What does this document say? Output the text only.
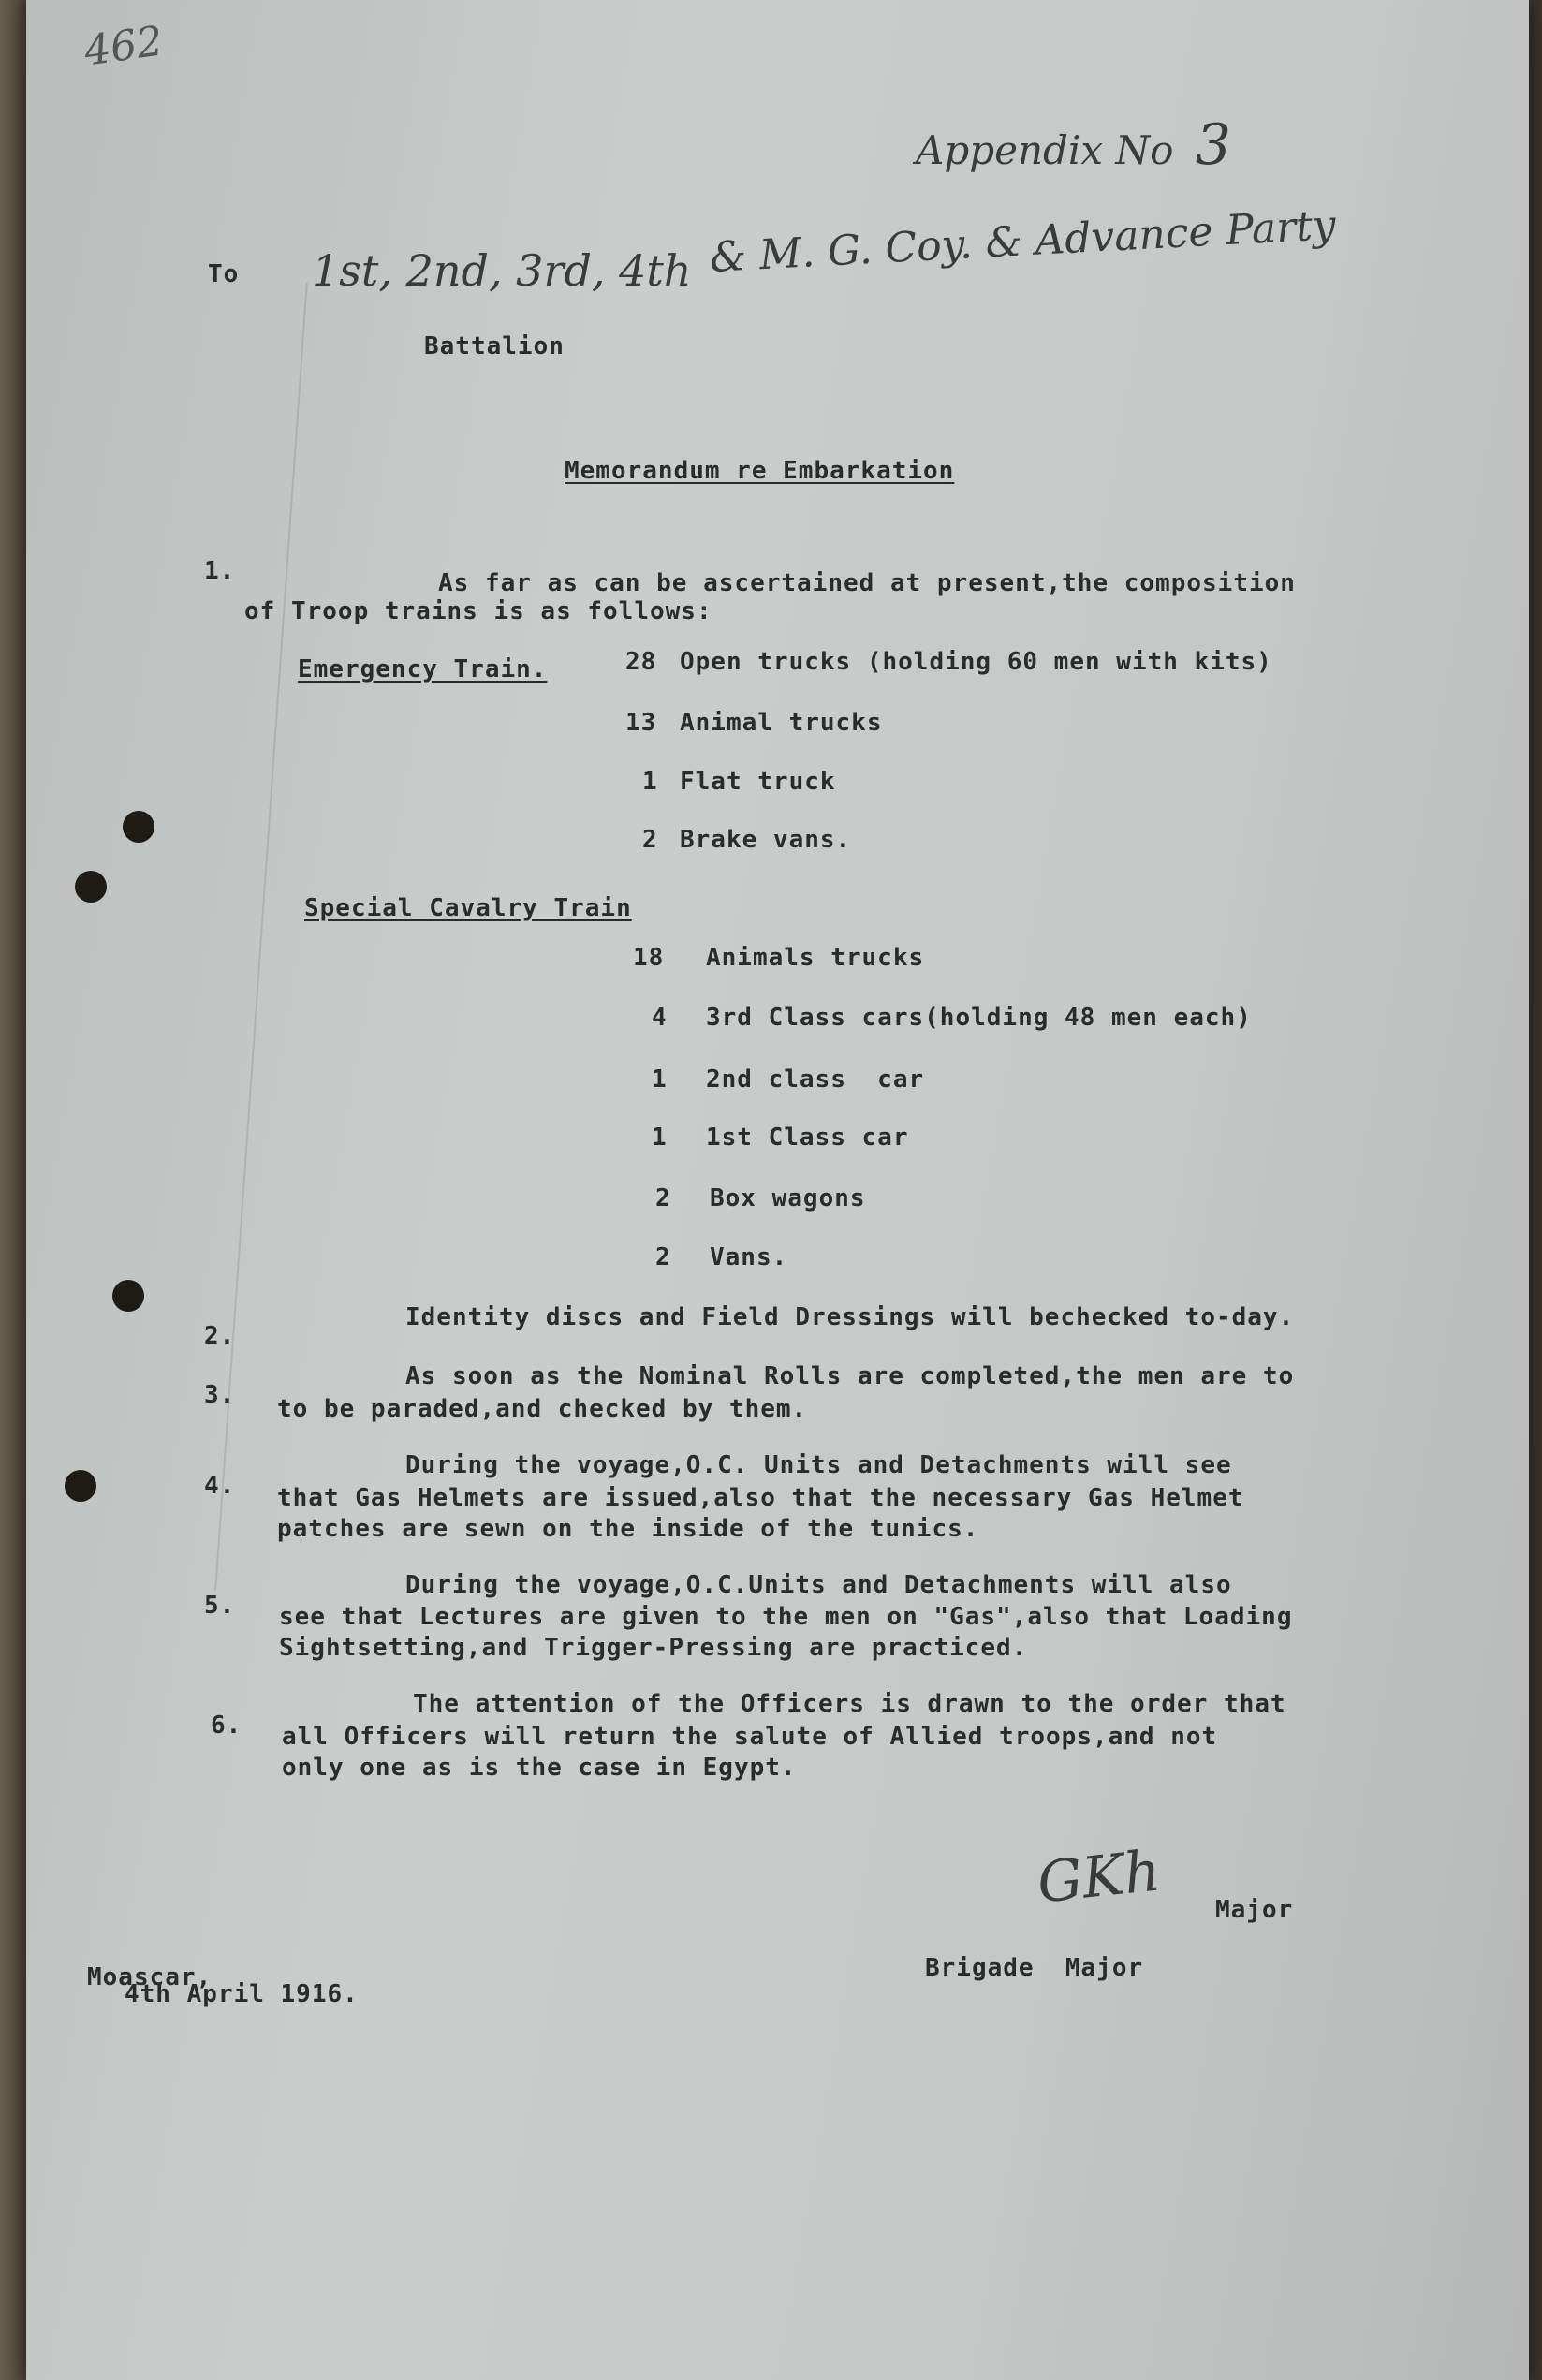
462
Appendix No 3
To 1st, 2nd, 3rd, 4th & M. G. Coy. & Advance Party
Battalion
Memorandum re Embarkation
1.	As far as can be ascertained at present,the composition
of Troop trains is as follows:
Emergency Train.	28 Open trucks (holding 60 men with kits)
13 Animal trucks
1 Flat truck
2 Brake vans.
Special Cavalry Train
18 Animals trucks
4 3rd Class cars(holding 48 men each)
1 2nd class  car
1 1st Class car
2 Box wagons
2 Vans.
2.
Identity discs and Field Dressings will bechecked to-day.
3.
As soon as the Nominal Rolls are completed,the men are to
to be paraded,and checked by them.
4.
During the voyage,O.C. Units and Detachments will see
that Gas Helmets are issued,also that the necessary Gas Helmet
patches are sewn on the inside of the tunics.
5.
During the voyage,O.C.Units and Detachments will also
see that Lectures are given to the men on "Gas",also that Loading
Sightsetting,and Trigger-Pressing are practiced.
6.
The attention of the Officers is drawn to the order that
all Officers will return the salute of Allied troops,and not
only one as is the case in Egypt.
GKh Major
Brigade  Major
Moascar,
4th April 1916.
